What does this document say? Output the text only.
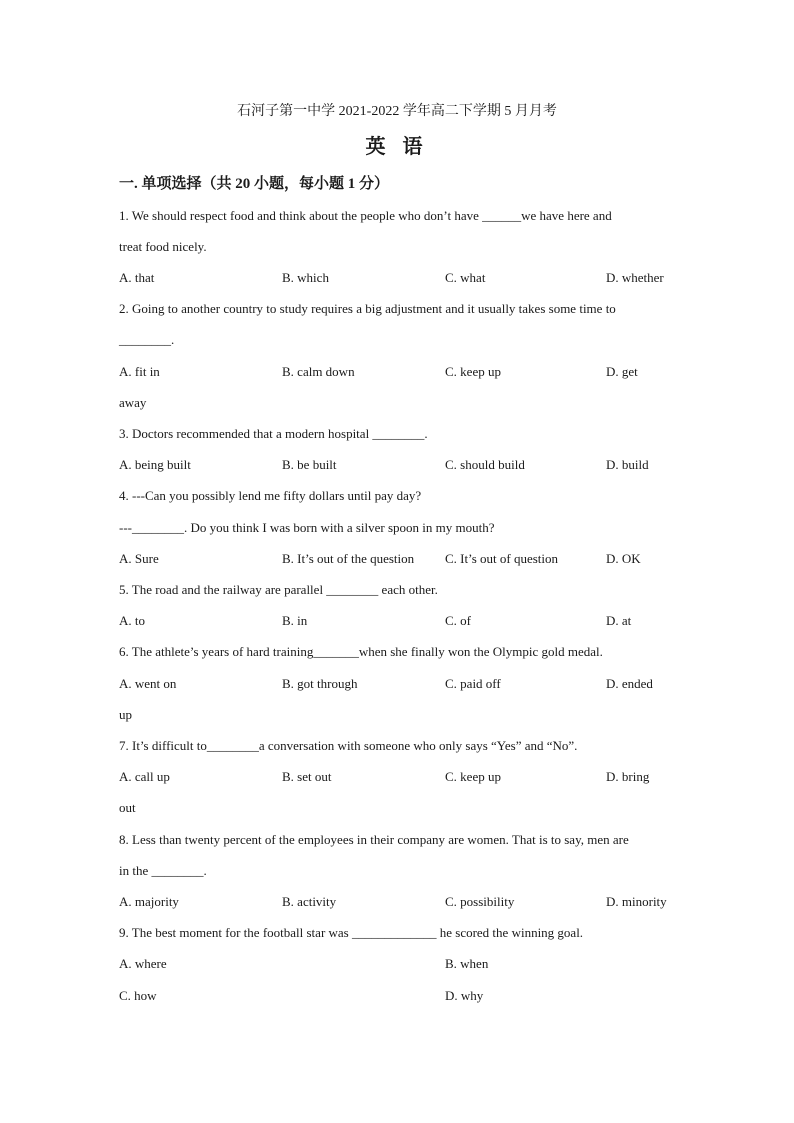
石河子第一中学 2021-2022 学年高二下学期 5 月月考
英 语
一. 单项选择（共 20 小题，每小题 1 分）
1. We should respect food and think about the people who don’t have ______we have here and
treat food nicely.
A. that	B. which	C. what	D. whether
2. Going to another country to study requires a big adjustment and it usually takes some time to
________.
A. fit in	B. calm down	C. keep up	D. get
away
3. Doctors recommended that a modern hospital ________.
A. being built	B. be built	C. should build	D. build
4. ---Can you possibly lend me fifty dollars until pay day?
---________. Do you think I was born with a silver spoon in my mouth?
A. Sure	B. It’s out of the question C. It’s out of question	D. OK
5. The road and the railway are parallel ________ each other.
A. to	B. in	C. of	D. at
6. The athlete’s years of hard training_______when she finally won the Olympic gold medal.
A. went on	B. got through	C. paid off	D. ended
up
7. It’s difficult to________a conversation with someone who only says “Yes” and “No”.
A. call up	B. set out	C. keep up	D. bring
out
8. Less than twenty percent of the employees in their company are women. That is to say, men are
in the ________.
A. majority	B. activity	C. possibility	D. minority
9. The best moment for the football star was _____________ he scored the winning goal.
A. where	B. when
C. how	D. why
